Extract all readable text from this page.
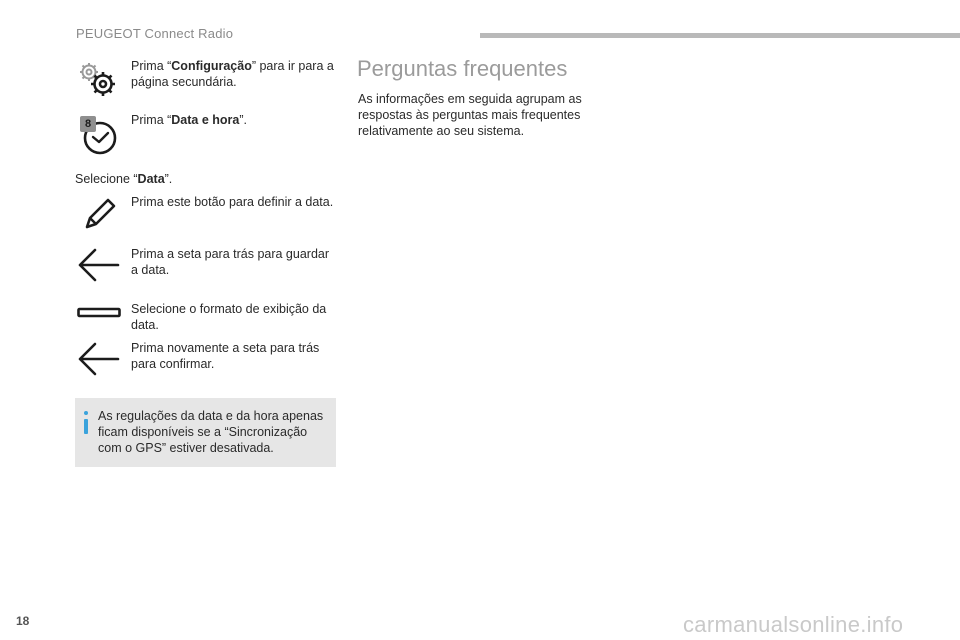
PEUGEOT Connect Radio
Prima “Configuração” para ir para a página secundária.
8	Prima “Data e hora”.
Selecione “Data”.
Prima este botão para definir a data.
Prima a seta para trás para guardar a data.
Selecione o formato de exibição da data.
Prima novamente a seta para trás para confirmar.
As regulações da data e da hora apenas ficam disponíveis se a “Sincronização com o GPS” estiver desativada.
Perguntas frequentes
As informações em seguida agrupam as respostas às perguntas mais frequentes relativamente ao seu sistema.
18	carmanualsonline.info
